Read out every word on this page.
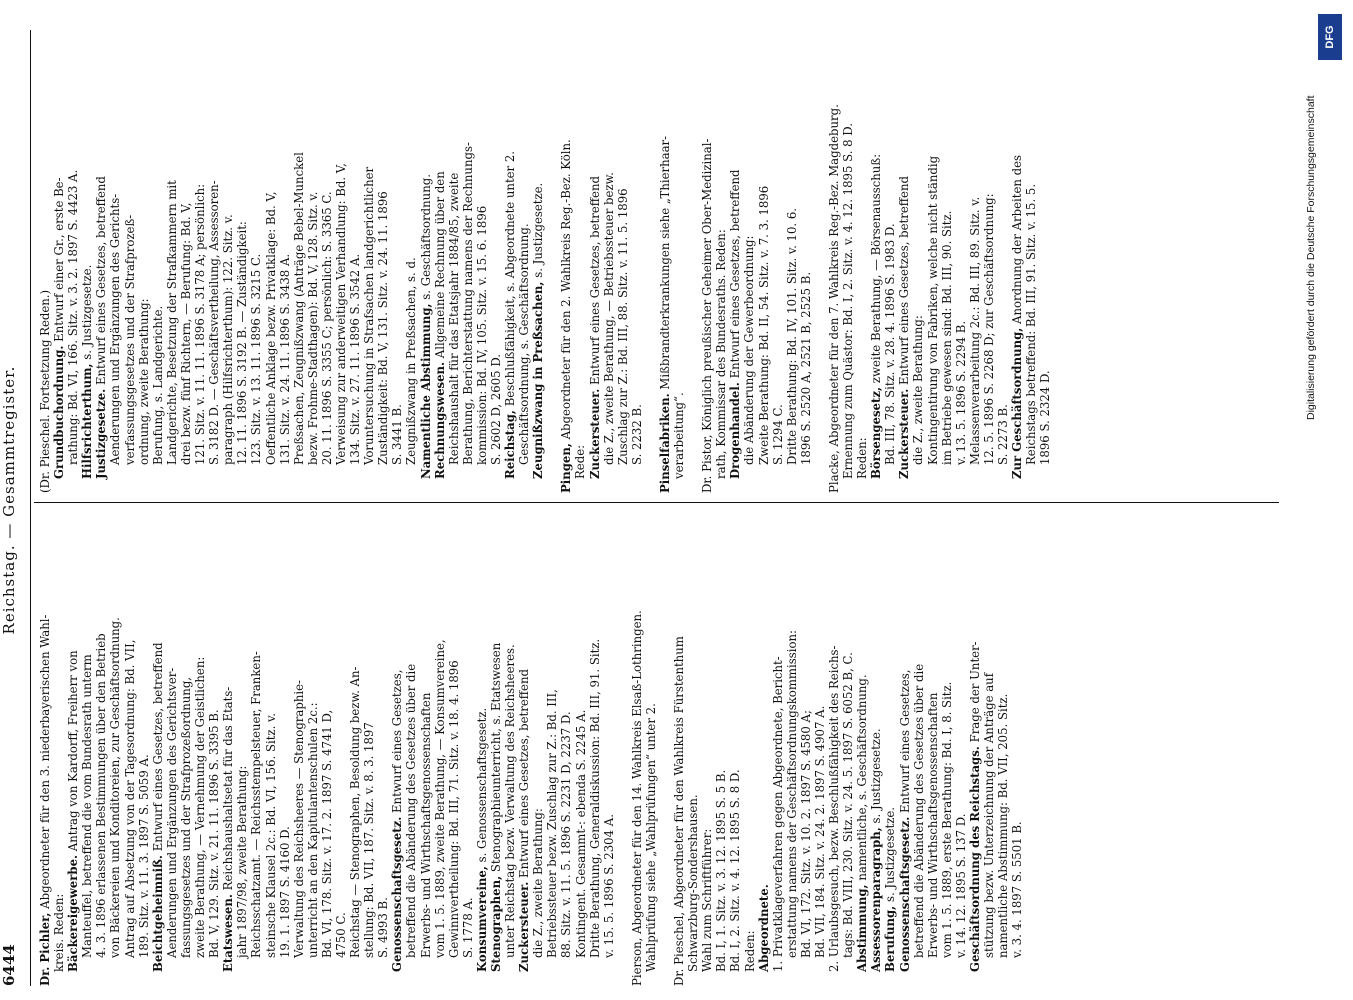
6444
Reichstag. — Gesammtregister.
Dr. Pichler, Abgeordneter für den 3. niederbayerischen Wahl-
kreis. Reden: Bäckereigewerbe. Antrag von Kardorff, Freiherr von Manteuffel, betreffend die vom Bundesrath unterm 4. 3. 1896 erlassenen Bestimmungen über den Betrieb von Bäckereien und Konditoreien, zur Geschäftsordnung. Antrag auf Absetzung von der Tagesordnung: Bd. VII, 189. Sitz. v. 11. 3. 1897 S. 5059 A. Beichtgeheimniß. Entwurf eines Gesetzes, betreffend Aenderungen und Ergänzungen des Gerichtsver- fassungsgesetzes und der Strafprozeßordnung, zweite Berathung, — Vernehmung der Geistlichen: Bd. V, 129. Sitz. v. 21. 11. 1896 S. 3395 B. Etatswesen. Reichshaushaltsetat für das Etats- jahr 1897/98, zweite Berathung: Reichsschatzamt. — Reichsstempelsteuer, Franken- steinsche Klausel 2c.: Bd. VI, 156. Sitz. v. 19. 1. 1897 S. 4160 D. Verwaltung des Reichsheeres — Stenographie- unterricht an den Kapitulantenschulen 2c.: Bd. VI, 178. Sitz. v. 17. 2. 1897 S. 4741 D, 4750 C. Reichstag — Stenographen, Besoldung bezw. An- stellung: Bd. VII, 187. Sitz. v. 8. 3. 1897 S. 4993 B. Genossenschaftsgesetz. Entwurf eines Gesetzes, betreffend die Abänderung des Gesetzes über die Erwerbs- und Wirthschaftsgenossenschaften vom 1. 5. 1889, zweite Berathung, — Konsumvereine, Gewinnvertheilung: Bd. III, 71. Sitz. v. 18. 4. 1896 S. 1778 A. Konsumvereine, s. Genossenschaftsgesetz.
Stenographen, Stenographieunterricht, s. Etatswesen unter Reichstag bezw. Verwaltung des Reichsheeres. Zuckersteuer. Entwurf eines Gesetzes, betreffend
die Z., zweite Berathung: Betriebssteuer bezw. Zuschlag zur Z.: Bd. III, 88. Sitz. v. 11. 5. 1896 S. 2231 D, 2237 D. Kontingent. Gesammt-: ebenda S. 2245 A. Dritte Berathung, Generaldiskussion: Bd. III, 91. Sitz. v. 15. 5. 1896 S. 2304 A. Pierson, Abgeordneter für den 14. Wahlkreis Elsaß-Lothringen. Wahlprüfung siehe „Wahlprüfungen“ unter 2. Dr. Pieschel, Abgeordneter für den Wahlkreis Fürstenthum Schwarzburg-Sondershausen. Wahl zum Schriftführer: Bd. I, 1. Sitz. v. 3. 12. 1895 S. 5 B. Bd. I, 2. Sitz. v. 4. 12. 1895 S. 8 D. Reden: Abgeordnete. 1. Privatklageverfahren gegen Abgeordnete, Bericht- erstattung namens der Geschäftsordnungskommission: Bd. VI, 172. Sitz. v. 10. 2. 1897 S. 4580 A; Bd. VII, 184. Sitz. v. 24. 2. 1897 S. 4907 A. 2. Urlaubsgesuch, bezw. Beschlußfähigkeit des Reichs- tags: Bd. VIII, 230. Sitz. v. 24. 5. 1897 S. 6052 B, C. Abstimmung, namentliche, s. Geschäftsordnung.
Assessorenparagraph, s. Justizgesetze.
Berufung, s. Justizgesetze. Genossenschaftsgesetz. Entwurf eines Gesetzes, betreffend die Abänderung des Gesetzes über die Erwerbs- und Wirthschaftsgenossenschaften vom 1. 5. 1889, erste Berathung: Bd. I, 8. Sitz. v. 14. 12. 1895 S. 137 D. Geschäftsordnung des Reichstags. Frage der Unter- stützung bezw. Unterzeichnung der Anträge auf namentliche Abstimmung: Bd. VII, 205. Sitz. v. 3. 4. 1897 S. 5501 B.
(Dr. Pieschel. Fortsetzung Reden.) Grundbuchordnung. Entwurf einer Gr., erste Be- rathung: Bd. VI, 166. Sitz. v. 3. 2. 1897 S. 4423 A. Hilfsrichterthum, s. Justizgesetze.
Justizgesetze. Entwurf eines Gesetzes, betreffend Aenderungen und Ergänzungen des Gerichts- verfassungsgesetzes und der Strafprozeß- ordnung, zweite Berathung: Berufung, s. Landgerichte. Landgerichte, Besetzung der Strafkammern mit drei bezw. fünf Richtern, — Berufung: Bd. V, 121. Sitz. v. 11. 11. 1896 S. 3178 A; persönlich: S. 3182 D. — Geschäftsvertheilung, Assessoren- paragraph (Hilfsrichterthum): 122. Sitz. v. 12. 11. 1896 S. 3192 B. — Zuständigkeit: 123. Sitz. v. 13. 11. 1896 S. 3215 C. Oeffentliche Anklage bezw. Privatklage: Bd. V, 131. Sitz. v. 24. 11. 1896 S. 3438 A. Preßsachen, Zeugnißzwang (Anträge Bebel-Munckel bezw. Frohme-Stadthagen): Bd. V, 128. Sitz. v. 20. 11. 1896 S. 3355 C; persönlich: S. 3365 C. Verweisung zur anderweitigen Verhandlung: Bd. V, 134. Sitz. v. 27. 11. 1896 S. 3542 A. Voruntersuchung in Strafsachen landgerichtlicher Zuständigkeit: Bd. V, 131. Sitz. v. 24. 11. 1896 S. 3441 B. Zeugnißzwang in Preßsachen, s. d. Namentliche Abstimmung, s. Geschäftsordnung.
Rechnungswesen. Allgemeine Rechnung über den Reichshaushalt für das Etatsjahr 1884/85, zweite Berathung, Berichterstattung namens der Rechnungs- kommission: Bd. IV, 105. Sitz. v. 15. 6. 1896 S. 2602 D, 2605 D. Reichstag, Beschlußfähigkeit, s. Abgeordnete unter 2. Geschäftsordnung, s. Geschäftsordnung. Zeugnißzwang in Preßsachen, s. Justizgesetze.
Pingen, Abgeordneter für den 2. Wahlkreis Reg.-Bez. Köln.
Rede: Zuckersteuer. Entwurf eines Gesetzes, betreffend die Z., zweite Berathung, — Betriebssteuer bezw. Zuschlag zur Z.: Bd. III, 88. Sitz. v. 11. 5. 1896 S. 2232 B. Pinselfabriken. Mißbrandterkrankungen siehe „Thierhaar-
verarbeitung“. Dr. Pistor, Königlich preußischer Geheimer Ober-Medizinal- rath, Kommissar des Bundesraths. Reden: Drogenhandel. Entwurf eines Gesetzes, betreffend die Abänderung der Gewerbeordnung: Zweite Berathung: Bd. II, 54. Sitz. v. 7. 3. 1896 S. 1294 C. Dritte Berathung: Bd. IV, 101. Sitz. v. 10. 6. 1896 S. 2520 A, 2521 B, 2525 B. Placke, Abgeordneter für den 7. Wahlkreis Reg.-Bez. Magdeburg. Ernennung zum Quästor: Bd. I, 2. Sitz. v. 4. 12. 1895 S. 8 D. Reden: Börsengesetz, zweite Berathung, — Börsenausschuß: Bd. III, 78. Sitz. v. 28. 4. 1896 S. 1983 D. Zuckersteuer. Entwurf eines Gesetzes, betreffend
die Z., zweite Berathung: Kontingentirung von Fabriken, welche nicht ständig im Betriebe gewesen sind: Bd. III, 90. Sitz. v. 13. 5. 1896 S. 2294 B. Melassenverarbeitung 2c.: Bd. III, 89. Sitz. v. 12. 5. 1896 S. 2268 D; zur Geschäftsordnung: S. 2273 B. Zur Geschäftsordnung, Anordnung der Arbeiten des Reichstags betreffend: Bd. III, 91. Sitz. v. 15. 5. 1896 S. 2324 D.	Digitalisierung gefördert durch die Deutsche Forschungsgemeinschaft
DFG
